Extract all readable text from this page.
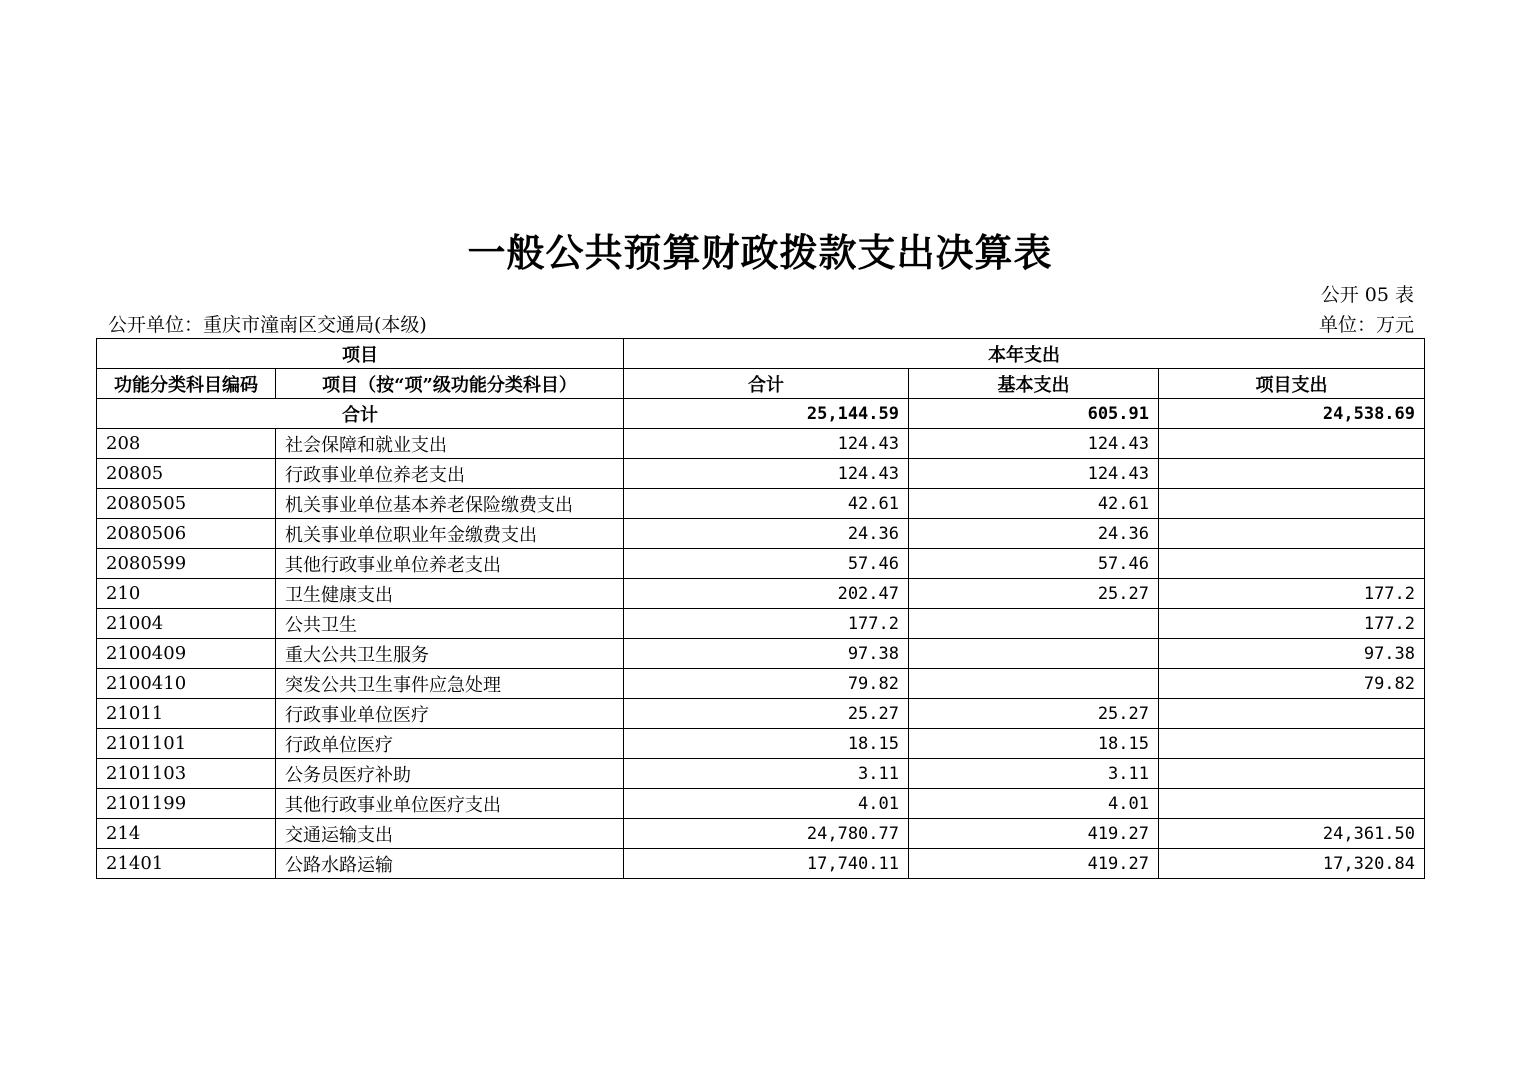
一般公共预算财政拨款支出决算表
公开 05 表
公开单位：重庆市潼南区交通局(本级)	单位：万元
项目		本年支出		
功能分类科目编码	项目（按“项”级功能分类科目）	合计	基本支出	项目支出
合计		25,144.59	605.91	24,538.69
208	社会保障和就业支出	124.43	124.43	
20805	行政事业单位养老支出	124.43	124.43	
2080505	机关事业单位基本养老保险缴费支出	42.61	42.61	
2080506	机关事业单位职业年金缴费支出	24.36	24.36	
2080599	其他行政事业单位养老支出	57.46	57.46	
210	卫生健康支出	202.47	25.27	177.2
21004	公共卫生	177.2		177.2
2100409	重大公共卫生服务	97.38		97.38
2100410	突发公共卫生事件应急处理	79.82		79.82
21011	行政事业单位医疗	25.27	25.27	
2101101	行政单位医疗	18.15	18.15	
2101103	公务员医疗补助	3.11	3.11	
2101199	其他行政事业单位医疗支出	4.01	4.01	
214	交通运输支出	24,780.77	419.27	24,361.50
21401	公路水路运输	17,740.11	419.27	17,320.84
